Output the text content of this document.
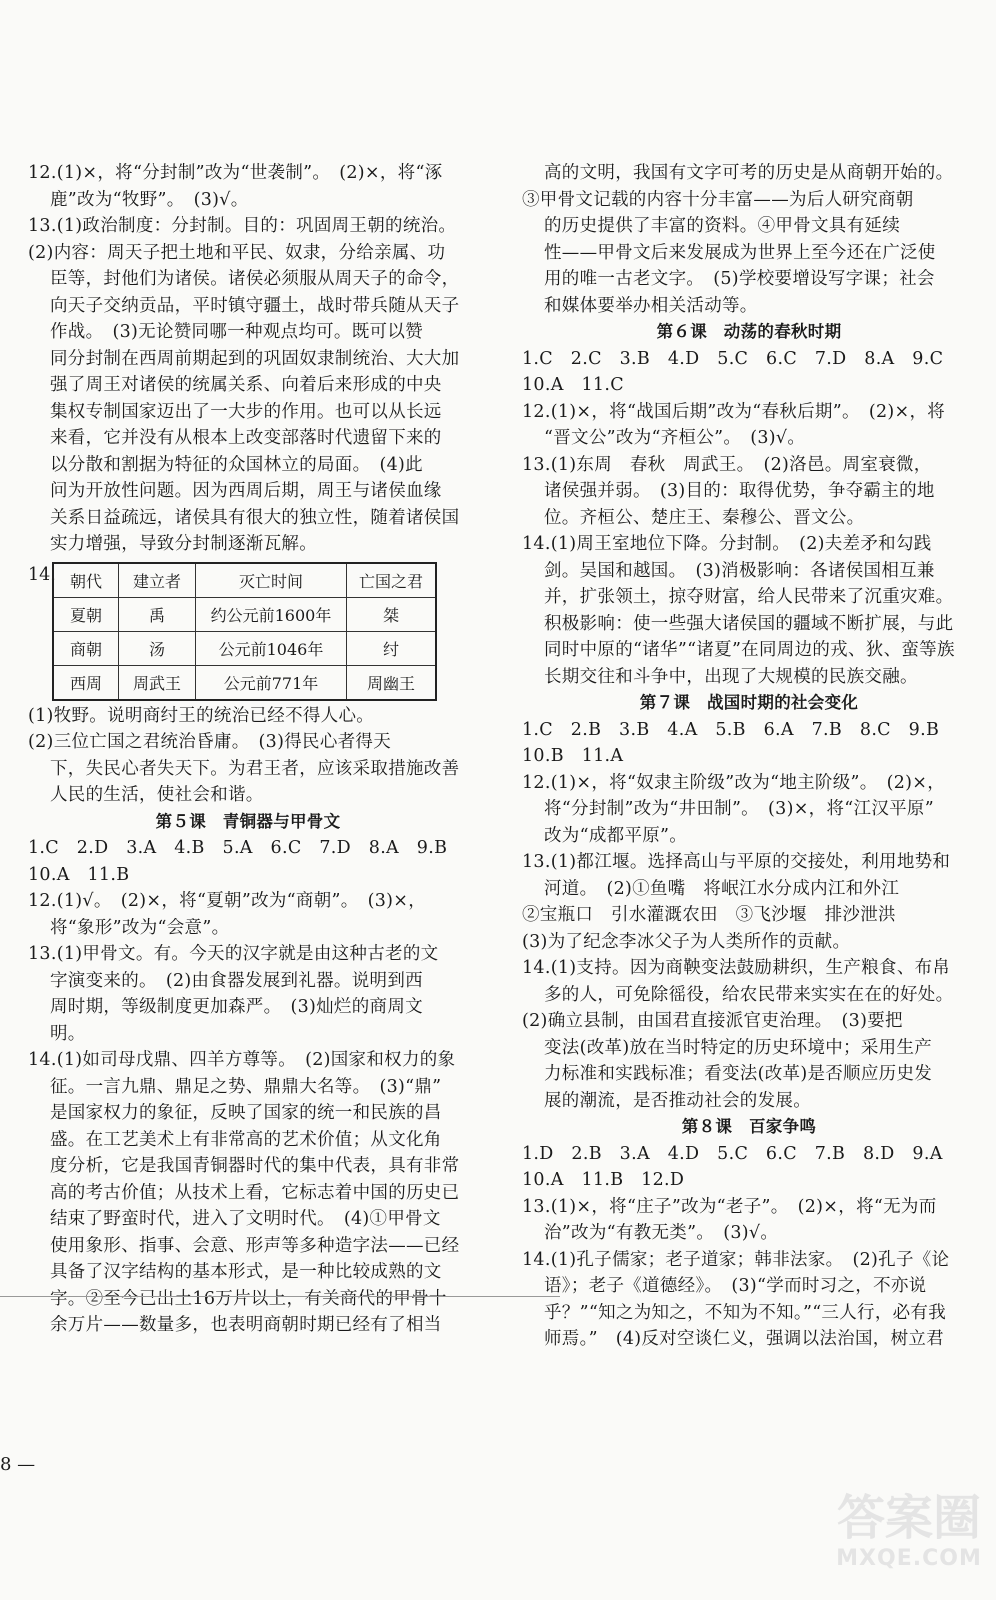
12.(1)×，将“分封制”改为“世袭制”。　(2)×，将“涿
鹿”改为“牧野”。　(3)√。
13.(1)政治制度：分封制。目的：巩固周王朝的统治。
(2)内容：周天子把土地和平民、奴隶，分给亲属、功
臣等，封他们为诸侯。诸侯必须服从周天子的命令，
向天子交纳贡品，平时镇守疆土，战时带兵随从天子
作战。　(3)无论赞同哪一种观点均可。既可以赞
同分封制在西周前期起到的巩固奴隶制统治、大大加
强了周王对诸侯的统属关系、向着后来形成的中央
集权专制国家迈出了一大步的作用。也可以从长远
来看，它并没有从根本上改变部落时代遗留下来的
以分散和割据为特征的众国林立的局面。　(4)此
问为开放性问题。因为西周后期，周王与诸侯血缘
关系日益疏远，诸侯具有很大的独立性，随着诸侯国
实力增强，导致分封制逐渐瓦解。
14. 朝代	建立者	灭亡时间	亡国之君
夏朝	禹	约公元前1600年	桀
商朝	汤	公元前1046年	纣
西周	周武王	公元前771年	周幽王
(1)牧野。说明商纣王的统治已经不得人心。
(2)三位亡国之君统治昏庸。　(3)得民心者得天
下，失民心者失天下。为君王者，应该采取措施改善
人民的生活，使社会和谐。
第５课　青铜器与甲骨文
1.C　2.D　3.A　4.B　5.A　6.C　7.D　8.A　9.B
10.A　11.B
12.(1)√。　(2)×，将“夏朝”改为“商朝”。　(3)×，
将“象形”改为“会意”。
13.(1)甲骨文。有。今天的汉字就是由这种古老的文
字演变来的。　(2)由食器发展到礼器。说明到西
周时期，等级制度更加森严。　(3)灿烂的商周文
明。
14.(1)如司母戊鼎、四羊方尊等。　(2)国家和权力的象
征。一言九鼎、鼎足之势、鼎鼎大名等。　(3)“鼎”
是国家权力的象征，反映了国家的统一和民族的昌
盛。在工艺美术上有非常高的艺术价值；从文化角
度分析，它是我国青铜器时代的集中代表，具有非常
高的考古价值；从技术上看，它标志着中国的历史已
结束了野蛮时代，进入了文明时代。　(4)①甲骨文
使用象形、指事、会意、形声等多种造字法——已经
具备了汉字结构的基本形式，是一种比较成熟的文
字。②至今已出土16万片以上，有关商代的甲骨十
余万片——数量多，也表明商朝时期已经有了相当
高的文明，我国有文字可考的历史是从商朝开始的。
③甲骨文记载的内容十分丰富——为后人研究商朝
的历史提供了丰富的资料。④甲骨文具有延续
性——甲骨文后来发展成为世界上至今还在广泛使
用的唯一古老文字。　(5)学校要增设写字课；社会
和媒体要举办相关活动等。
第６课　动荡的春秋时期
1.C　2.C　3.B　4.D　5.C　6.C　7.D　8.A　9.C
10.A　11.C
12.(1)×，将“战国后期”改为“春秋后期”。　(2)×，将
“晋文公”改为“齐桓公”。　(3)√。
13.(1)东周　春秋　周武王。　(2)洛邑。周室衰微，
诸侯强并弱。　(3)目的：取得优势，争夺霸主的地
位。齐桓公、楚庄王、秦穆公、晋文公。
14.(1)周王室地位下降。分封制。　(2)夫差矛和勾践
剑。吴国和越国。　(3)消极影响：各诸侯国相互兼
并，扩张领土，掠夺财富，给人民带来了沉重灾难。
积极影响：使一些强大诸侯国的疆域不断扩展，与此
同时中原的“诸华”“诸夏”在同周边的戎、狄、蛮等族
长期交往和斗争中，出现了大规模的民族交融。
第７课　战国时期的社会变化
1.C　2.B　3.B　4.A　5.B　6.A　7.B　8.C　9.B
10.B　11.A
12.(1)×，将“奴隶主阶级”改为“地主阶级”。　(2)×，
将“分封制”改为“井田制”。　(3)×，将“江汉平原”
改为“成都平原”。
13.(1)都江堰。选择高山与平原的交接处，利用地势和
河道。　(2)①鱼嘴　将岷江水分成内江和外江
②宝瓶口　引水灌溉农田　③飞沙堰　排沙泄洪
(3)为了纪念李冰父子为人类所作的贡献。
14.(1)支持。因为商鞅变法鼓励耕织，生产粮食、布帛
多的人，可免除徭役，给农民带来实实在在的好处。
(2)确立县制，由国君直接派官吏治理。　(3)要把
变法(改革)放在当时特定的历史环境中；采用生产
力标准和实践标准；看变法(改革)是否顺应历史发
展的潮流，是否推动社会的发展。
第８课　百家争鸣
1.D　2.B　3.A　4.D　5.C　6.C　7.B　8.D　9.A
10.A　11.B　12.D
13.(1)×，将“庄子”改为“老子”。　(2)×，将“无为而
治”改为“有教无类”。　(3)√。
14.(1)孔子儒家；老子道家；韩非法家。　(2)孔子《论
语》；老子《道德经》。　(3)“学而时习之，不亦说
乎？”“知之为知之，不知为不知。”“三人行，必有我
师焉。”　(4)反对空谈仁义，强调以法治国，树立君
8 —
答案圈
MXQE.COM
